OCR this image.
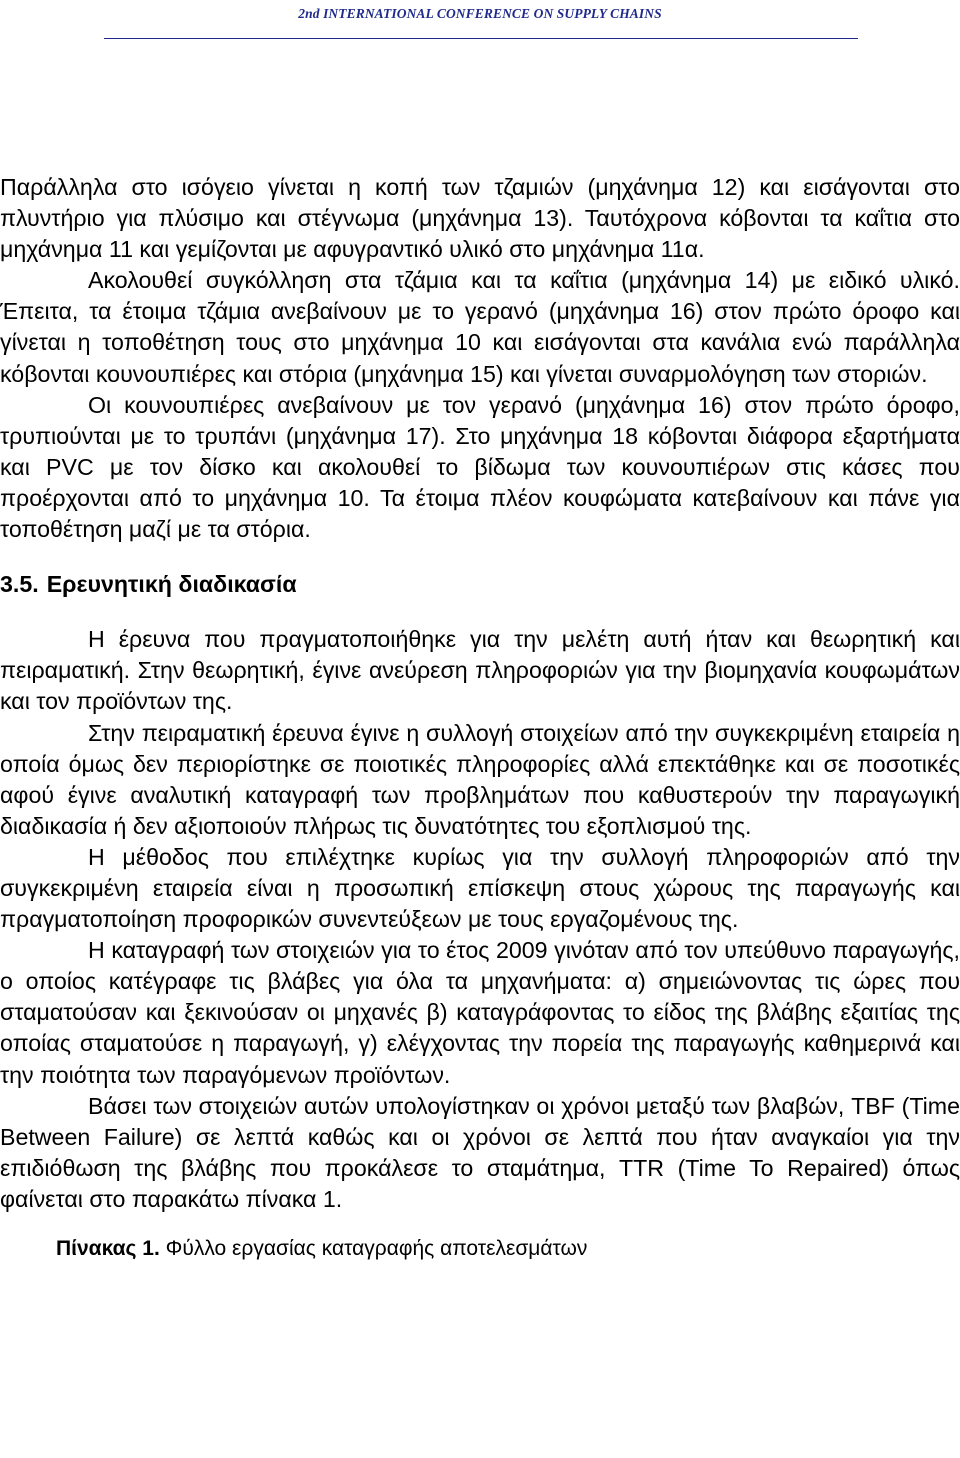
2nd INTERNATIONAL CONFERENCE ON SUPPLY CHAINS

Παράλληλα στο ισόγειο γίνεται η κοπή των τζαμιών (μηχάνημα 12) και εισάγονται στο πλυντήριο για πλύσιμο και στέγνωμα (μηχάνημα 13). Ταυτόχρονα κόβονται τα καΐτια στο μηχάνημα 11 και γεμίζονται με αφυγραντικό υλικό στο μηχάνημα 11α.

Ακολουθεί συγκόλληση στα τζάμια και τα καΐτια (μηχάνημα 14) με ειδικό υλικό. Έπειτα, τα έτοιμα τζάμια ανεβαίνουν με το γερανό (μηχάνημα 16) στον πρώτο όροφο και γίνεται η τοποθέτηση τους στο μηχάνημα 10 και εισάγονται στα κανάλια ενώ παράλληλα κόβονται κουνουπιέρες και στόρια (μηχάνημα 15) και γίνεται συναρμολόγηση των στοριών.

Οι κουνουπιέρες ανεβαίνουν με τον γερανό (μηχάνημα 16) στον πρώτο όροφο, τρυπιούνται με το τρυπάνι (μηχάνημα 17). Στο μηχάνημα 18 κόβονται διάφορα εξαρτήματα και PVC με τον δίσκο και ακολουθεί το βίδωμα των κουνουπιέρων στις κάσες που προέρχονται από το μηχάνημα 10. Τα έτοιμα πλέον κουφώματα κατεβαίνουν και πάνε για τοποθέτηση μαζί με τα στόρια.

3.5. Ερευνητική διαδικασία

Η έρευνα που πραγματοποιήθηκε για την μελέτη αυτή ήταν και θεωρητική και πειραματική. Στην θεωρητική, έγινε ανεύρεση πληροφοριών για την βιομηχανία κουφωμάτων και τον προϊόντων της.

Στην πειραματική έρευνα έγινε η συλλογή στοιχείων από την συγκεκριμένη εταιρεία η οποία όμως δεν περιορίστηκε σε ποιοτικές πληροφορίες αλλά επεκτάθηκε και σε ποσοτικές αφού έγινε αναλυτική καταγραφή των προβλημάτων που καθυστερούν την παραγωγική διαδικασία ή δεν αξιοποιούν πλήρως τις δυνατότητες του εξοπλισμού της.

Η μέθοδος που επιλέχτηκε κυρίως για την συλλογή πληροφοριών από την συγκεκριμένη εταιρεία είναι η προσωπική επίσκεψη στους χώρους της παραγωγής και πραγματοποίηση προφορικών συνεντεύξεων με τους εργαζομένους της.

Η καταγραφή των στοιχειών για το έτος 2009 γινόταν από τον υπεύθυνο παραγωγής, ο οποίος κατέγραφε τις βλάβες για όλα τα μηχανήματα: α) σημειώνοντας τις ώρες που σταματούσαν και ξεκινούσαν οι μηχανές β) καταγράφοντας το είδος της βλάβης εξαιτίας της οποίας σταματούσε η παραγωγή, γ) ελέγχοντας την πορεία της παραγωγής καθημερινά και την ποιότητα των παραγόμενων προϊόντων.

Βάσει των στοιχειών αυτών υπολογίστηκαν οι χρόνοι μεταξύ των βλαβών, TBF (Time Between Failure) σε λεπτά καθώς και οι χρόνοι σε λεπτά που ήταν αναγκαίοι για την επιδιόθωση της βλάβης που προκάλεσε το σταμάτημα, TTR (Time To Repaired) όπως φαίνεται στο παρακάτω πίνακα 1.

Πίνακας 1. Φύλλο εργασίας καταγραφής αποτελεσμάτων
